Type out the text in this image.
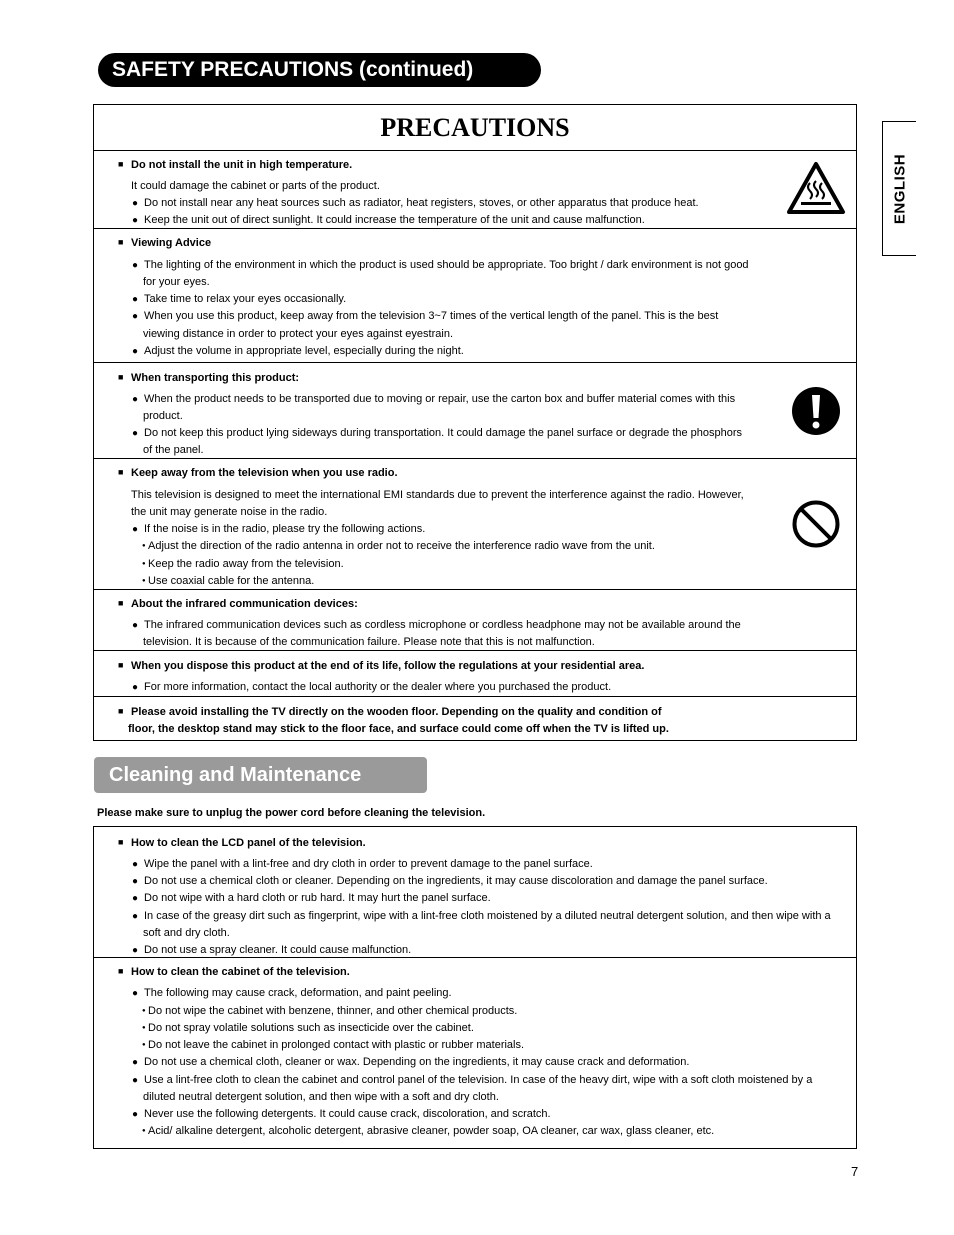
SAFETY PRECAUTIONS (continued)
ENGLISH
PRECAUTIONS
■ Do not install the unit in high temperature.
It could damage the cabinet or parts of the product.
● Do not install near any heat sources such as radiator, heat registers, stoves, or other apparatus that produce heat.
● Keep the unit out of direct sunlight. It could increase the temperature of the unit and cause malfunction.
■ Viewing Advice
● The lighting of the environment in which the product is used should be appropriate. Too bright / dark environment is not good
for your eyes.
● Take time to relax your eyes occasionally.
● When you use this product, keep away from the television 3~7 times of the vertical length of the panel. This is the best
viewing distance in order to protect your eyes against eyestrain.
● Adjust the volume in appropriate level, especially during the night.
■ When transporting this product:
● When the product needs to be transported due to moving or repair, use the carton box and buffer material comes with this
product.
● Do not keep this product lying sideways during transportation. It could damage the panel surface or degrade the phosphors
of the panel.
■ Keep away from the television when you use radio.
This television is designed to meet the international EMI standards due to prevent the interference against the radio. However,
the unit may generate noise in the radio.
● If the noise is in the radio, please try the following actions.
● Adjust the direction of the radio antenna in order not to receive the interference radio wave from the unit.
● Keep the radio away from the television.
● Use coaxial cable for the antenna.
■ About the infrared communication devices:
● The infrared communication devices such as cordless microphone or cordless headphone may not be available around the
television. It is because of the communication failure. Please note that this is not malfunction.
■ When you dispose this product at the end of its life, follow the regulations at your residential area.
● For more information, contact the local authority or the dealer where you purchased the product.
■ Please avoid installing the TV directly on the wooden floor. Depending on the quality and condition of
floor, the desktop stand may stick to the floor face, and surface could come off when the TV is lifted up.
Cleaning and Maintenance
Please make sure to unplug the power cord before cleaning the television.
■ How to clean the LCD panel of the television.
● Wipe the panel with a lint-free and dry cloth in order to prevent damage to the panel surface.
● Do not use a chemical cloth or cleaner. Depending on the ingredients, it may cause discoloration and damage the panel surface.
● Do not wipe with a hard cloth or rub hard. It may hurt the panel surface.
● In case of the greasy dirt such as fingerprint, wipe with a lint-free cloth moistened by a diluted neutral detergent solution, and then wipe with a
soft and dry cloth.
● Do not use a spray cleaner. It could cause malfunction.
■ How to clean the cabinet of the television.
● The following may cause crack, deformation, and paint peeling.
● Do not wipe the cabinet with benzene, thinner, and other chemical products.
● Do not spray volatile solutions such as insecticide over the cabinet.
● Do not leave the cabinet in prolonged contact with plastic or rubber materials.
● Do not use a chemical cloth, cleaner or wax. Depending on the ingredients, it may cause crack and deformation.
● Use a lint-free cloth to clean the cabinet and control panel of the television. In case of the heavy dirt, wipe with a soft cloth moistened by a
diluted neutral detergent solution, and then wipe with a soft and dry cloth.
● Never use the following detergents. It could cause crack, discoloration, and scratch.
● Acid/ alkaline detergent, alcoholic detergent, abrasive cleaner, powder soap, OA cleaner, car wax, glass cleaner, etc.
7
